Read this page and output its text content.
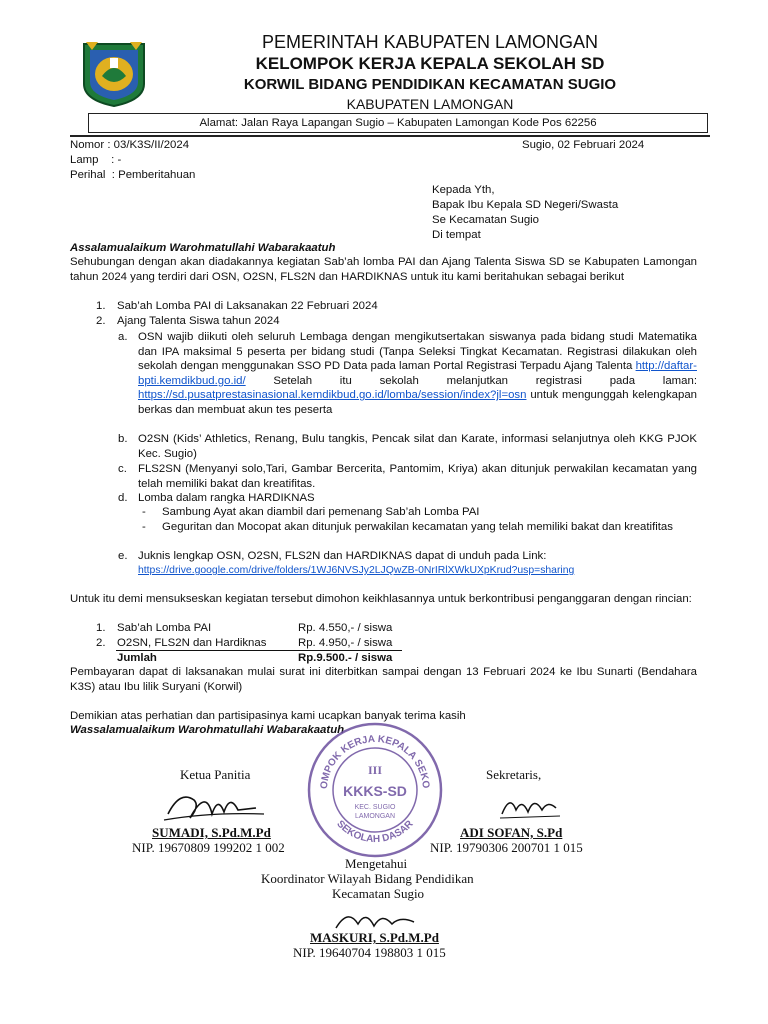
PEMERINTAH KABUPATEN LAMONGAN
KELOMPOK KERJA KEPALA SEKOLAH SD
KORWIL BIDANG PENDIDIKAN KECAMATAN SUGIO
KABUPATEN LAMONGAN
Alamat: Jalan Raya Lapangan Sugio – Kabupaten Lamongan Kode Pos 62256
Nomor : 03/K3S/II/2024	Sugio, 02 Februari 2024
Lamp    : -
Perihal  : Pemberitahuan
Kepada Yth,
Bapak Ibu Kepala SD Negeri/Swasta
Se Kecamatan Sugio
Di tempat
Assalamualaikum Warohmatullahi Wabarakaatuh
Sehubungan dengan akan diadakannya kegiatan Sab’ah lomba PAI dan Ajang Talenta Siswa SD se Kabupaten Lamongan tahun 2024 yang terdiri dari OSN, O2SN, FLS2N dan HARDIKNAS untuk itu kami beritahukan sebagai berikut
1. Sab’ah Lomba PAI di Laksanakan 22 Februari 2024
2. Ajang Talenta Siswa tahun 2024
a. OSN wajib diikuti oleh seluruh Lembaga dengan mengikutsertakan siswanya pada bidang studi Matematika dan IPA maksimal 5 peserta per bidang studi (Tanpa Seleksi Tingkat Kecamatan. Registrasi dilakukan oleh sekolah dengan menggunakan SSO PD Data pada laman Portal Registrasi Terpadu Ajang Talenta http://daftar-bpti.kemdikbud.go.id/ Setelah itu sekolah melanjutkan registrasi pada laman: https://sd.pusatprestasinasional.kemdikbud.go.id/lomba/session/index?jl=osn untuk mengunggah kelengkapan berkas dan membuat akun tes peserta
b. O2SN (Kids’ Athletics, Renang, Bulu tangkis, Pencak silat dan Karate, informasi selanjutnya oleh KKG PJOK Kec. Sugio)
c. FLS2SN (Menyanyi solo,Tari, Gambar Bercerita, Pantomim, Kriya) akan ditunjuk perwakilan kecamatan yang telah memiliki bakat dan kreatifitas.
d. Lomba dalam rangka HARDIKNAS
- Sambung Ayat akan diambil dari pemenang Sab’ah Lomba PAI
- Geguritan dan Mocopat akan ditunjuk perwakilan kecamatan yang telah memiliki bakat dan kreatifitas
e. Juknis lengkap OSN, O2SN, FLS2N dan HARDIKNAS dapat di unduh pada Link:
https://drive.google.com/drive/folders/1WJ6NVSJy2LJQwZB-0NrIRlXWkUXpKrud?usp=sharing
Untuk itu demi mensukseskan kegiatan tersebut dimohon keikhlasannya untuk berkontribusi penganggaran dengan rincian:
1. Sab’ah Lomba PAI	Rp. 4.550,- / siswa
2. O2SN, FLS2N dan Hardiknas	Rp. 4.950,- / siswa
Jumlah	Rp.9.500.- / siswa
Pembayaran dapat di laksanakan mulai surat ini diterbitkan sampai dengan 13 Februari 2024 ke Ibu Sunarti (Bendahara K3S) atau Ibu lilik Suryani (Korwil)
Demikian atas perhatian dan partisipasinya kami ucapkan banyak terima kasih
Wassalamualaikum Warohmatullahi Wabarakaatuh
OMPOK KERJA KEPALA SEKO
SEKOLAH DASAR
III
KKKS-SD
KEC. SUGIO
LAMONGAN
Ketua Panitia	Sekretaris,
SUMADI, S.Pd.M.Pd
NIP. 19670809 199202 1 002
ADI SOFAN, S.Pd
NIP. 19790306 200701 1 015
Mengetahui
Koordinator Wilayah Bidang Pendidikan
Kecamatan Sugio
MASKURI, S.Pd.M.Pd
NIP. 19640704 198803 1 015
